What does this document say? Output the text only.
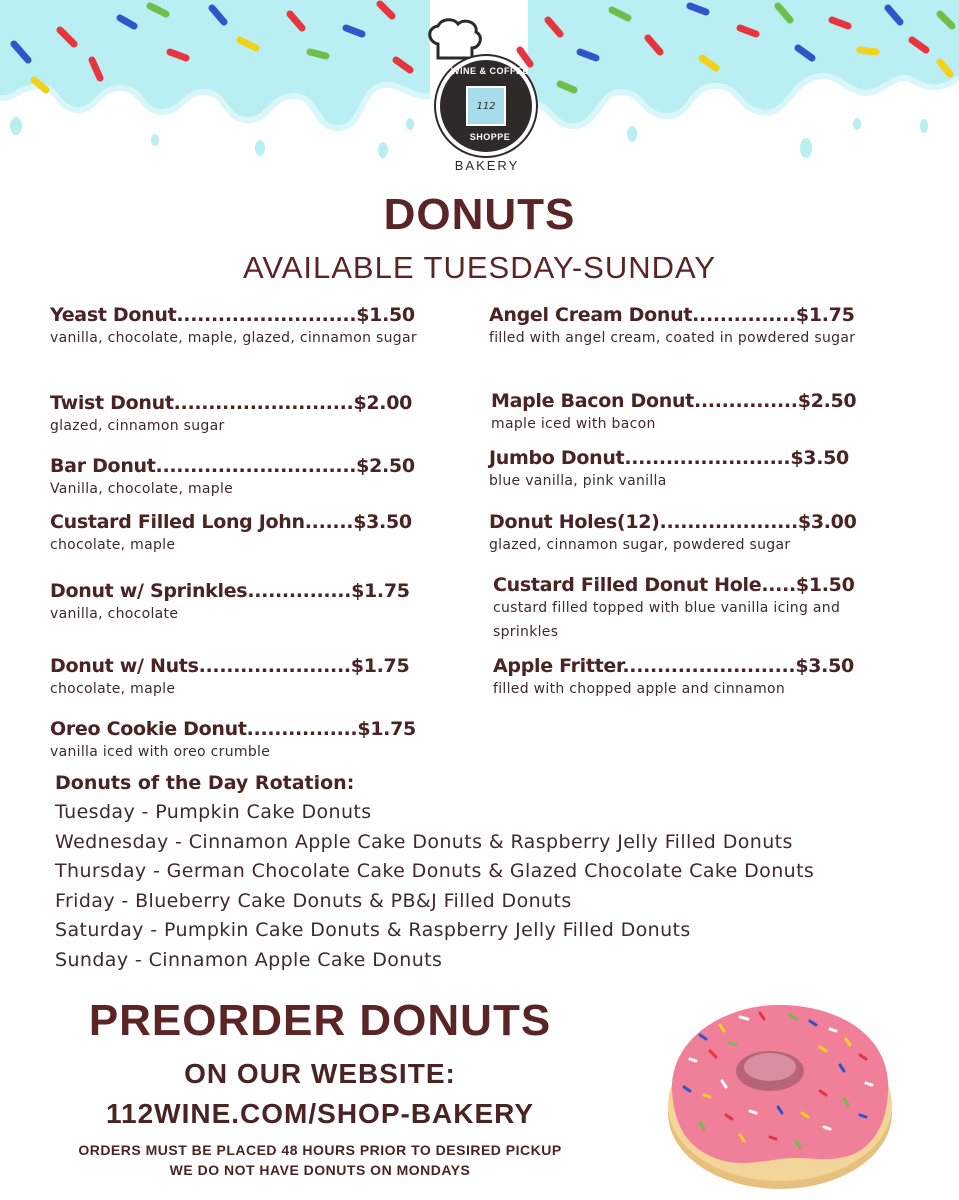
WINE & COFFEE
112
SHOPPE
BAKERY
DONUTS
AVAILABLE TUESDAY-SUNDAY
Yeast Donut..........................$1.50
vanilla, chocolate, maple, glazed, cinnamon sugar
Twist Donut..........................$2.00
glazed, cinnamon sugar
Bar Donut.............................$2.50
Vanilla, chocolate, maple
Custard Filled Long John.......$3.50
chocolate, maple
Donut w/ Sprinkles...............$1.75
vanilla, chocolate
Donut w/ Nuts......................$1.75
chocolate, maple
Oreo Cookie Donut................$1.75
vanilla iced with oreo crumble
Angel Cream Donut...............$1.75
filled with angel cream, coated in powdered sugar
Maple Bacon Donut...............$2.50
maple iced with bacon
Jumbo Donut........................$3.50
blue vanilla, pink vanilla
Donut Holes(12)....................$3.00
glazed, cinnamon sugar, powdered sugar
Custard Filled Donut Hole.....$1.50
custard filled topped with blue vanilla icing and sprinkles
Apple Fritter.........................$3.50
filled with chopped apple and cinnamon
Donuts of the Day Rotation:
Tuesday - Pumpkin Cake Donuts
Wednesday - Cinnamon Apple Cake Donuts & Raspberry Jelly Filled Donuts
Thursday - German Chocolate Cake Donuts & Glazed Chocolate Cake Donuts
Friday - Blueberry Cake Donuts & PB&J Filled Donuts
Saturday - Pumpkin Cake Donuts & Raspberry Jelly Filled Donuts
Sunday - Cinnamon Apple Cake Donuts
PREORDER DONUTS
ON OUR WEBSITE:
112WINE.COM/SHOP-BAKERY
ORDERS MUST BE PLACED 48 HOURS PRIOR TO DESIRED PICKUP
WE DO NOT HAVE DONUTS ON MONDAYS
